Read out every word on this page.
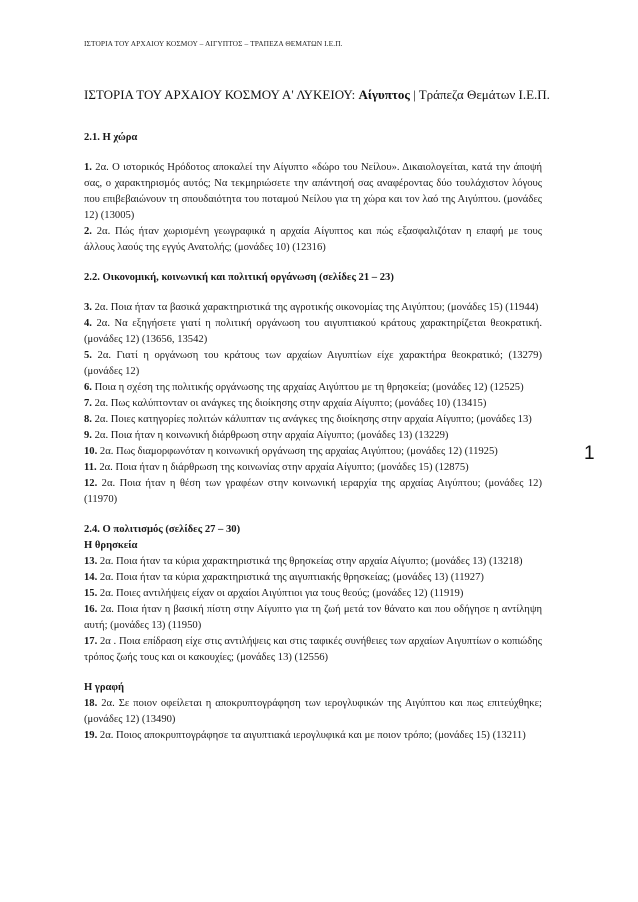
ΙΣΤΟΡΙΑ ΤΟΥ ΑΡΧΑΙΟΥ ΚΟΣΜΟΥ – ΑΙΓΥΠΤΟΣ – ΤΡΑΠΕΖΑ ΘΕΜΑΤΩΝ Ι.Ε.Π.
ΙΣΤΟΡΙΑ ΤΟΥ ΑΡΧΑΙΟΥ ΚΟΣΜΟΥ Α' ΛΥΚΕΙΟΥ: Αίγυπτος | Τράπεζα Θεμάτων Ι.Ε.Π.
1
2.1. Η χώρα

1. 2α. Ο ιστορικός Ηρόδοτος αποκαλεί την Αίγυπτο «δώρο του Νείλου». Δικαιολογείται, κατά την άποψή σας, ο χαρακτηρισμός αυτός; Να τεκμηριώσετε την απάντησή σας αναφέροντας δύο τουλάχιστον λόγους που επιβεβαιώνουν τη σπουδαιότητα του ποταμού Νείλου για τη χώρα και τον λαό της Αιγύπτου. (μονάδες 12) (13005)

2. 2α. Πώς ήταν χωρισμένη γεωγραφικά η αρχαία Αίγυπτος και πώς εξασφαλιζόταν η επαφή με τους άλλους λαούς της εγγύς Ανατολής; (μονάδες 10) (12316)

2.2. Οικονομική, κοινωνική και πολιτική οργάνωση (σελίδες 21 – 23)

3. 2α. Ποια ήταν τα βασικά χαρακτηριστικά της αγροτικής οικονομίας της Αιγύπτου; (μονάδες 15) (11944)

4. 2α. Να εξηγήσετε γιατί η πολιτική οργάνωση του αιγυπτιακού κράτους χαρακτηρίζεται θεοκρατική. (μονάδες 12) (13656, 13542)

5. 2α. Γιατί η οργάνωση του κράτους των αρχαίων Αιγυπτίων είχε χαρακτήρα θεοκρατικό; (13279) (μονάδες 12)

6. Ποια η σχέση της πολιτικής οργάνωσης της αρχαίας Αιγύπτου με τη θρησκεία; (μονάδες 12) (12525)

7. 2α. Πως καλύπτονταν οι ανάγκες της διοίκησης στην αρχαία Αίγυπτο; (μονάδες 10) (13415)

8. 2α. Ποιες κατηγορίες πολιτών κάλυπταν τις ανάγκες της διοίκησης στην αρχαία Αίγυπτο; (μονάδες 13)

9. 2α. Ποια ήταν η κοινωνική διάρθρωση στην αρχαία Αίγυπτο; (μονάδες 13) (13229)

10. 2α. Πως διαμορφωνόταν η κοινωνική οργάνωση της αρχαίας Αιγύπτου; (μονάδες 12) (11925)

11. 2α. Ποια ήταν η διάρθρωση της κοινωνίας στην αρχαία Αίγυπτο; (μονάδες 15) (12875)

12. 2α. Ποια ήταν η θέση των γραφέων στην κοινωνική ιεραρχία της αρχαίας Αιγύπτου; (μονάδες 12) (11970)

2.4. Ο πολιτισμός (σελίδες 27 – 30)
Η θρησκεία

13. 2α. Ποια ήταν τα κύρια χαρακτηριστικά της θρησκείας στην αρχαία Αίγυπτο; (μονάδες 13) (13218)

14. 2α. Ποια ήταν τα κύρια χαρακτηριστικά της αιγυπτιακής θρησκείας; (μονάδες 13) (11927)

15. 2α. Ποιες αντιλήψεις είχαν οι αρχαίοι Αιγύπτιοι για τους θεούς; (μονάδες 12) (11919)

16. 2α. Ποια ήταν η βασική πίστη στην Αίγυπτο για τη ζωή μετά τον θάνατο και που οδήγησε η αντίληψη αυτή; (μονάδες 13) (11950)

17. 2α . Ποια επίδραση είχε στις αντιλήψεις και στις ταφικές συνήθειες των αρχαίων Αιγυπτίων ο κοπιώδης τρόπος ζωής τους και οι κακουχίες; (μονάδες 13) (12556)

Η γραφή

18. 2α. Σε ποιον οφείλεται η αποκρυπτογράφηση των ιερογλυφικών της Αιγύπτου και πως επιτεύχθηκε; (μονάδες 12) (13490)

19. 2α. Ποιος αποκρυπτογράφησε τα αιγυπτιακά ιερογλυφικά και με ποιον τρόπο; (μονάδες 15) (13211)
